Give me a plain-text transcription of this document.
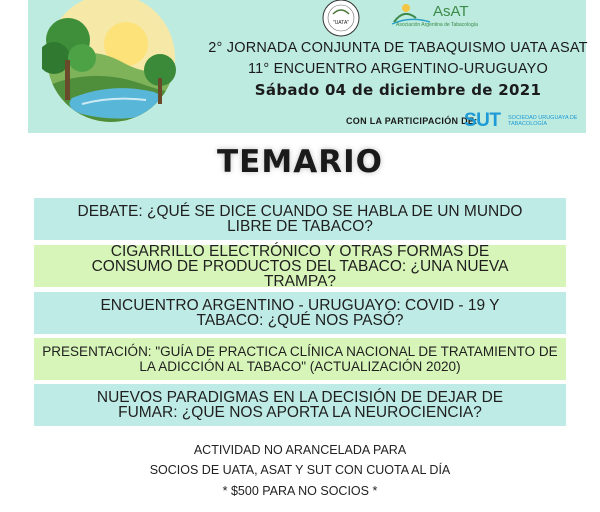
"UATA"
AsAT
Asociación Argentina de Tabacología
2° JORNADA CONJUNTA DE TABAQUISMO UATA ASAT
11° ENCUENTRO ARGENTINO-URUGUAYO
Sábado 04 de diciembre de 2021
CON LA PARTICIPACIÓN DE:
SUT SOCIEDAD URUGUAYA DE TABACOLOGÍA
TEMARIO
DEBATE: ¿QUÉ SE DICE CUANDO SE HABLA DE UN MUNDO LIBRE DE TABACO?
CIGARRILLO ELECTRÓNICO Y OTRAS FORMAS DE CONSUMO DE PRODUCTOS DEL TABACO: ¿UNA NUEVA TRAMPA?
ENCUENTRO ARGENTINO - URUGUAYO: COVID - 19 Y TABACO: ¿QUÉ NOS PASÓ?
PRESENTACIÓN: "GUÍA DE PRACTICA CLÍNICA NACIONAL DE TRATAMIENTO DE LA ADICCIÓN AL TABACO" (ACTUALIZACIÓN 2020)
NUEVOS PARADIGMAS EN LA DECISIÓN DE DEJAR DE FUMAR: ¿QUE NOS APORTA LA NEUROCIENCIA?
ACTIVIDAD NO ARANCELADA PARA
SOCIOS DE UATA, ASAT Y SUT CON CUOTA AL DÍA
* $500 PARA NO SOCIOS *
